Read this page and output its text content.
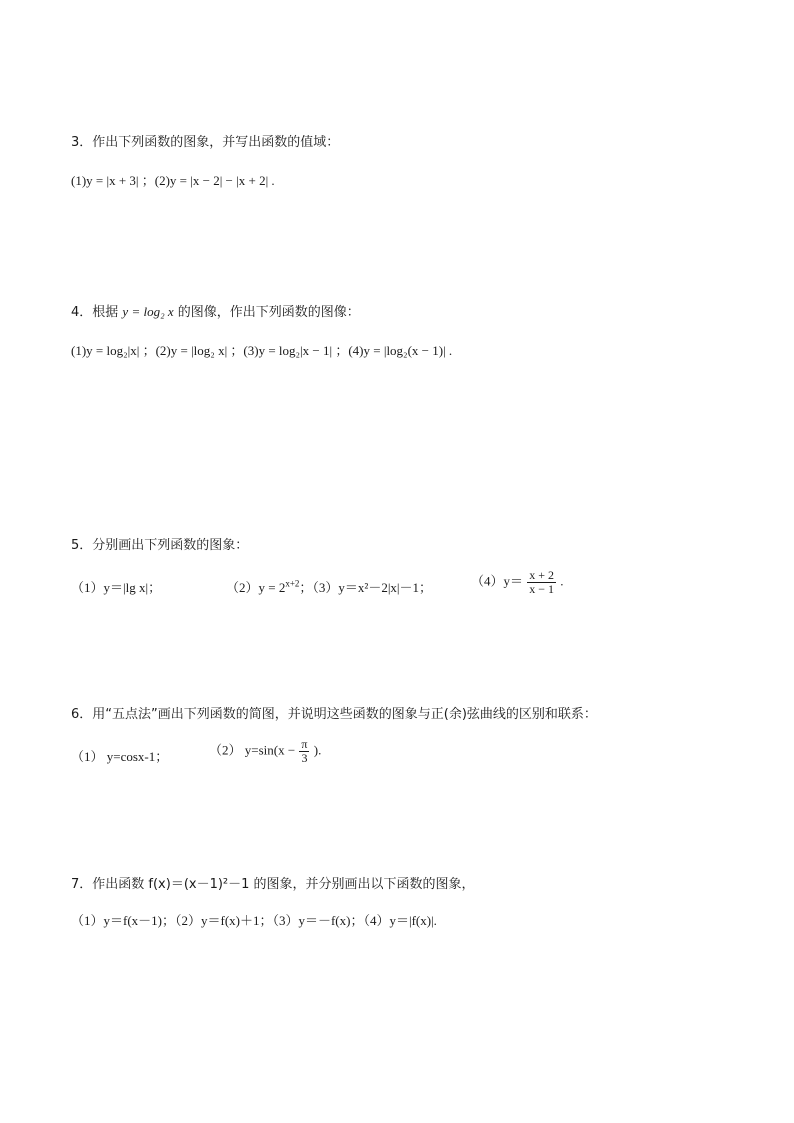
3．作出下列函数的图象，并写出函数的值域：
(1)y = |x + 3| ；(2)y = |x − 2| − |x + 2| .
4．根据 y = log₂ x 的图像，作出下列函数的图像：
(1)y = log₂|x| ；(2)y = |log₂ x| ；(3)y = log₂|x − 1| ；(4)y = |log₂(x − 1)| .
5．分别画出下列函数的图象：
（1）y＝|lg x|；	$(2)y = 2^{x+2}$；（3）y＝x²－2|x|－1；	$(4)y= \frac{x + 2}{x - 1}$ .
6．用“五点法”画出下列函数的简图，并说明这些函数的图象与正(余)弦曲线的区别和联系：
（1） y=cosx-1；	（2） $y=\sin(x - \frac{\pi}{3}$ ).
7．作出函数 f(x)＝(x－1)²－1 的图象，并分别画出以下函数的图象，
（1）y＝f(x－1)；（2）y＝f(x)＋1；（3）y＝－f(x)；（4）y＝|f(x)|.
